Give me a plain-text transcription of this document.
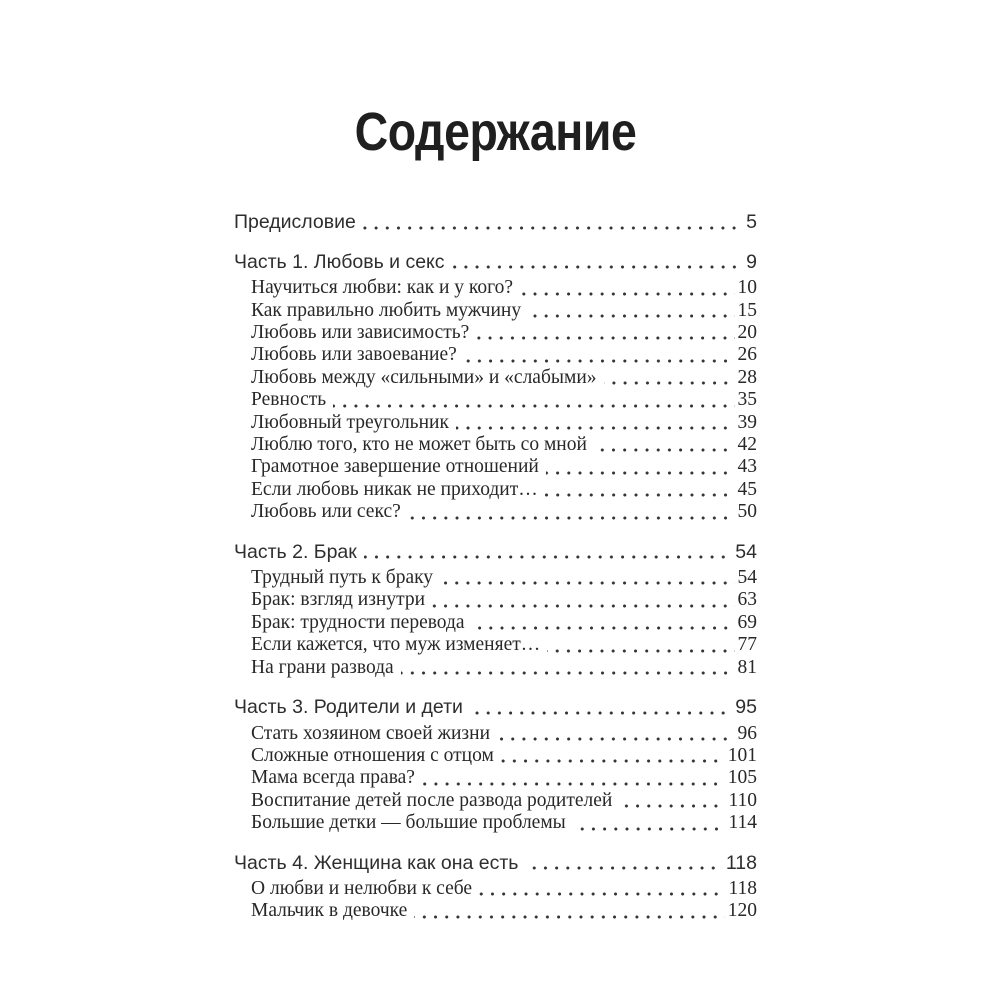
Содержание
Предисловие	5
Часть 1. Любовь и секс	9
Научиться любви: как и у кого?	10
Как правильно любить мужчину	15
Любовь или зависимость?	20
Любовь или завоевание?	26
Любовь между «сильными» и «слабыми»	28
Ревность	35
Любовный треугольник	39
Люблю того, кто не может быть со мной	42
Грамотное завершение отношений	43
Если любовь никак не приходит…	45
Любовь или секс?	50
Часть 2. Брак	54
Трудный путь к браку	54
Брак: взгляд изнутри	63
Брак: трудности перевода	69
Если кажется, что муж изменяет…	77
На грани развода	81
Часть 3. Родители и дети	95
Стать хозяином своей жизни	96
Сложные отношения с отцом	101
Мама всегда права?	105
Воспитание детей после развода родителей	110
Большие детки — большие проблемы	114
Часть 4. Женщина как она есть	118
О любви и нелюбви к себе	118
Мальчик в девочке	120
